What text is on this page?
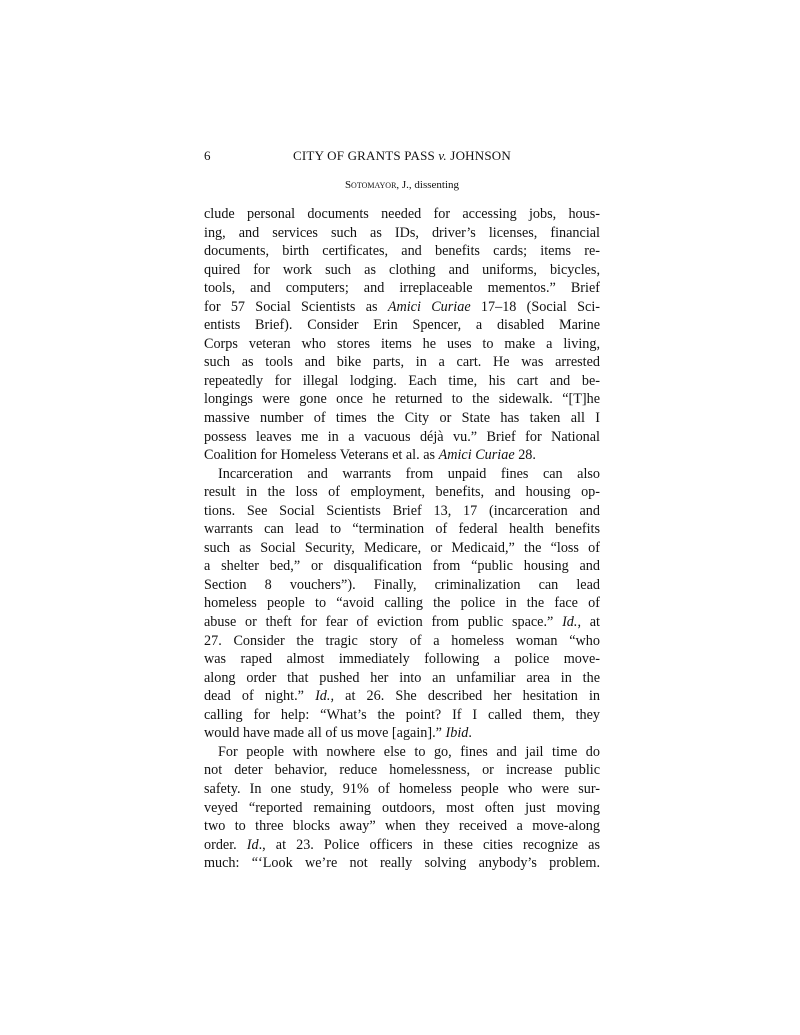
6	CITY OF GRANTS PASS v. JOHNSON
Sotomayor, J., dissenting
clude personal documents needed for accessing jobs, hous-
ing, and services such as IDs, driver’s licenses, financial
documents, birth certificates, and benefits cards; items re-
quired for work such as clothing and uniforms, bicycles,
tools, and computers; and irreplaceable mementos.” Brief
for 57 Social Scientists as Amici Curiae 17–18 (Social Sci-
entists Brief). Consider Erin Spencer, a disabled Marine
Corps veteran who stores items he uses to make a living,
such as tools and bike parts, in a cart. He was arrested
repeatedly for illegal lodging. Each time, his cart and be-
longings were gone once he returned to the sidewalk. “[T]he
massive number of times the City or State has taken all I
possess leaves me in a vacuous déjà vu.” Brief for National
Coalition for Homeless Veterans et al. as Amici Curiae 28.
Incarceration and warrants from unpaid fines can also
result in the loss of employment, benefits, and housing op-
tions. See Social Scientists Brief 13, 17 (incarceration and
warrants can lead to “termination of federal health benefits
such as Social Security, Medicare, or Medicaid,” the “loss of
a shelter bed,” or disqualification from “public housing and
Section 8 vouchers”). Finally, criminalization can lead
homeless people to “avoid calling the police in the face of
abuse or theft for fear of eviction from public space.” Id., at
27. Consider the tragic story of a homeless woman “who
was raped almost immediately following a police move-
along order that pushed her into an unfamiliar area in the
dead of night.” Id., at 26. She described her hesitation in
calling for help: “What’s the point? If I called them, they
would have made all of us move [again].” Ibid.
For people with nowhere else to go, fines and jail time do
not deter behavior, reduce homelessness, or increase public
safety. In one study, 91% of homeless people who were sur-
veyed “reported remaining outdoors, most often just moving
two to three blocks away” when they received a move-along
order. Id., at 23. Police officers in these cities recognize as
much: “‘Look we’re not really solving anybody’s problem.
